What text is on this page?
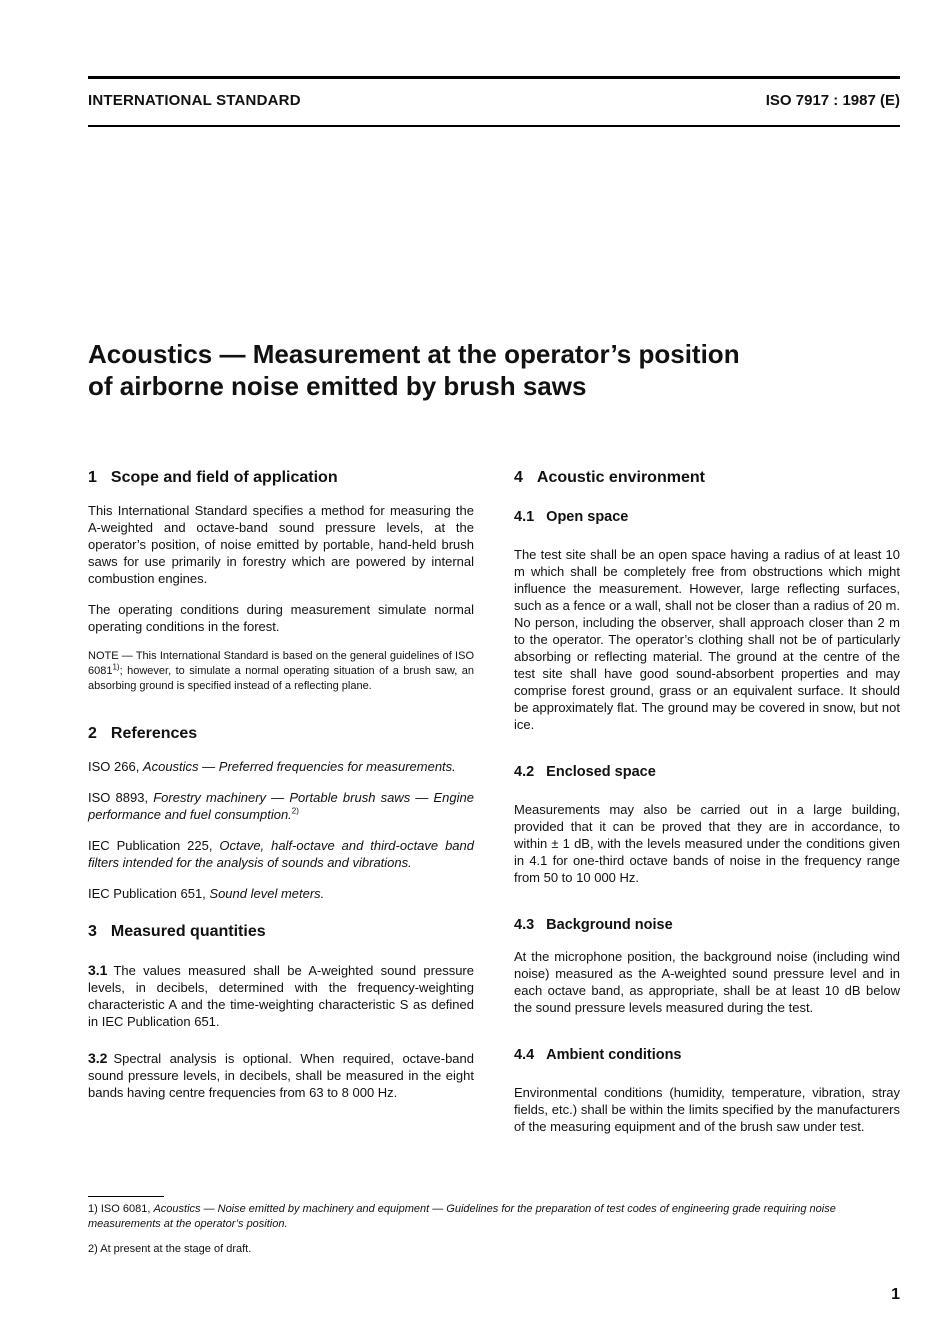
INTERNATIONAL STANDARD	ISO 7917 : 1987 (E)
Acoustics — Measurement at the operator’s position
of airborne noise emitted by brush saws
1 Scope and field of application

This International Standard specifies a method for measuring the A-weighted and octave-band sound pressure levels, at the operator’s position, of noise emitted by portable, hand-held brush saws for use primarily in forestry which are powered by internal combustion engines.

The operating conditions during measurement simulate normal operating conditions in the forest.

NOTE — This International Standard is based on the general guidelines of ISO 6081$^{1)}$; however, to simulate a normal operating situation of a brush saw, an absorbing ground is specified instead of a reflecting plane.

2 References

ISO 266, Acoustics — Preferred frequencies for measurements.

ISO 8893, Forestry machinery — Portable brush saws — Engine performance and fuel consumption.$^{2)}$

IEC Publication 225, Octave, half-octave and third-octave band filters intended for the analysis of sounds and vibrations.

IEC Publication 651, Sound level meters.

3 Measured quantities

3.1 The values measured shall be A-weighted sound pressure levels, in decibels, determined with the frequency-weighting characteristic A and the time-weighting characteristic S as defined in IEC Publication 651.

3.2 Spectral analysis is optional. When required, octave-band sound pressure levels, in decibels, shall be measured in the eight bands having centre frequencies from 63 to 8 000 Hz.

4 Acoustic environment
4.1 Open space

The test site shall be an open space having a radius of at least 10 m which shall be completely free from obstructions which might influence the measurement. However, large reflecting surfaces, such as a fence or a wall, shall not be closer than a radius of 20 m. No person, including the observer, shall approach closer than 2 m to the operator. The operator’s clothing shall not be of particularly absorbing or reflecting material. The ground at the centre of the test site shall have good sound-absorbent properties and may comprise forest ground, grass or an equivalent surface. It should be approximately flat. The ground may be covered in snow, but not ice.

4.2 Enclosed space

Measurements may also be carried out in a large building, provided that it can be proved that they are in accordance, to within ± 1 dB, with the levels measured under the conditions given in 4.1 for one-third octave bands of noise in the frequency range from 50 to 10 000 Hz.

4.3 Background noise

At the microphone position, the background noise (including wind noise) measured as the A-weighted sound pressure level and in each octave band, as appropriate, shall be at least 10 dB below the sound pressure levels measured during the test.

4.4 Ambient conditions

Environmental conditions (humidity, temperature, vibration, stray fields, etc.) shall be within the limits specified by the manufacturers of the measuring equipment and of the brush saw under test.

1) ISO 6081, Acoustics — Noise emitted by machinery and equipment — Guidelines for the preparation of test codes of engineering grade requiring noise measurements at the operator’s position.
2) At present at the stage of draft.
1
